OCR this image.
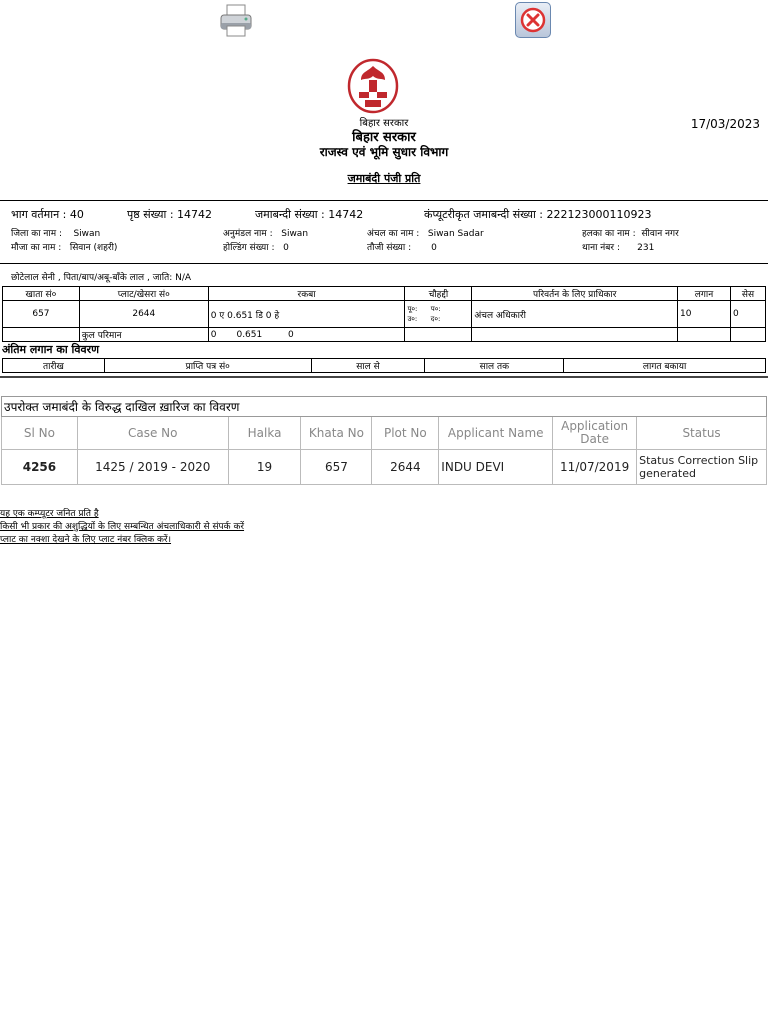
बिहार सरकार
बिहार सरकार
राजस्व एवं भूमि सुधार विभाग
जमाबंदी पंजी प्रति
17/03/2023
भाग वर्तमान : 40	पृष्ठ संख्या : 14742	जमाबन्दी संख्या : 14742	कंप्यूटरीकृत जमाबन्दी संख्या : 222123000110923
जिला का नाम : Siwan	अनुमंडल नाम : Siwan	अंचल का नाम : Siwan Sadar	हलका का नाम : सीवान नगर
मौजा का नाम : सिवान (शहरी)	होल्डिंग संख्या : 0	तौजी संख्या : 0	थाना नंबर : 231
छोटेलाल सेनी , पिता/बाप/अबू-बाँके लाल , जाति: N/A
खाता सं०	प्लाट/खेसरा सं०	रकबा	चौहद्दी	परिवर्तन के लिए प्राधिकार	लगान	सेस
657	2644	0 ए 0.651 डि 0 हे	पू०: प०:
उ०: द०:	अंचल अधिकारी	10	0
	कुल परिमान	0 0.651 0				
अंतिम लगान का विवरण
तारीख	प्राप्ति पत्र सं०	साल से	साल तक	लागत बकाया
उपरोक्त जमाबंदी के विरुद्ध दाखिल ख़ारिज का विवरण							
Sl No	Case No	Halka	Khata No	Plot No	Applicant Name	Application Date	Status
4256	1425 / 2019 - 2020	19	657	2644	INDU DEVI	11/07/2019	Status Correction Slip generated
यह एक कम्प्यूटर जनित प्रति है
किसी भी प्रकार की अशुद्धियों के लिए सम्बन्धित अंचलाधिकारी से संपर्क करें
प्लाट का नक्शा देखने के लिए प्लाट नंबर क्लिक करें।
